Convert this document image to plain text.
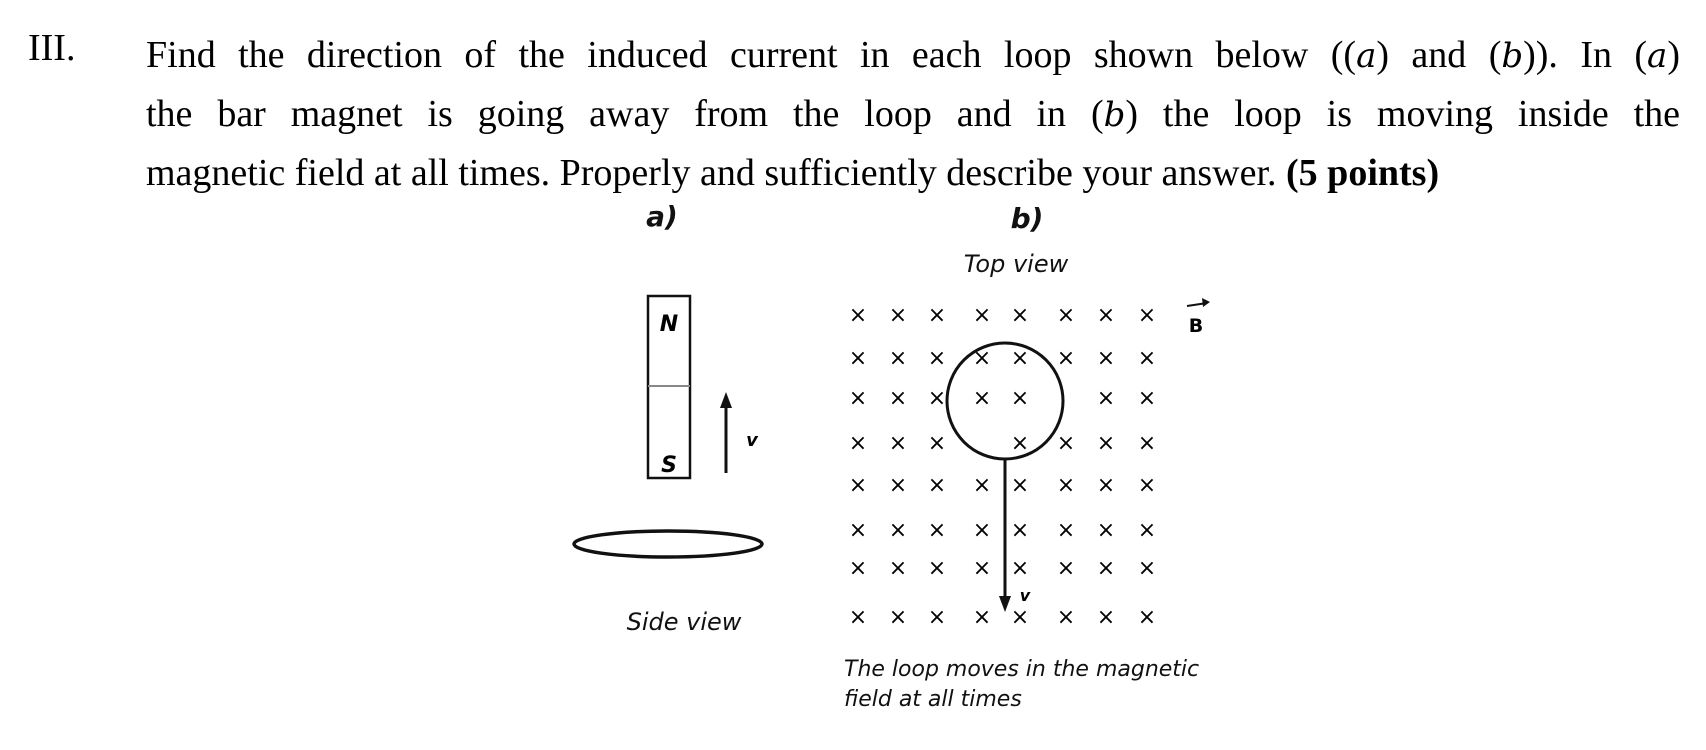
III. Find the direction of the induced current in each loop shown below ((a) and (b)). In (a)
the bar magnet is going away from the loop and in (b) the loop is moving inside the
magnetic field at all times. Properly and sufficiently describe your answer. (5 points)
a)
N
S
v
Side view
b)
Top view
× × × × × × × ×
× × × × × × × ×
× × × × ×	× ×
× × ×	× × × ×
× × × × × × × ×
× × × × × × × ×
× × × × × × × ×
× × × × × × × ×
v
B
The loop moves in the magnetic
field at all times
